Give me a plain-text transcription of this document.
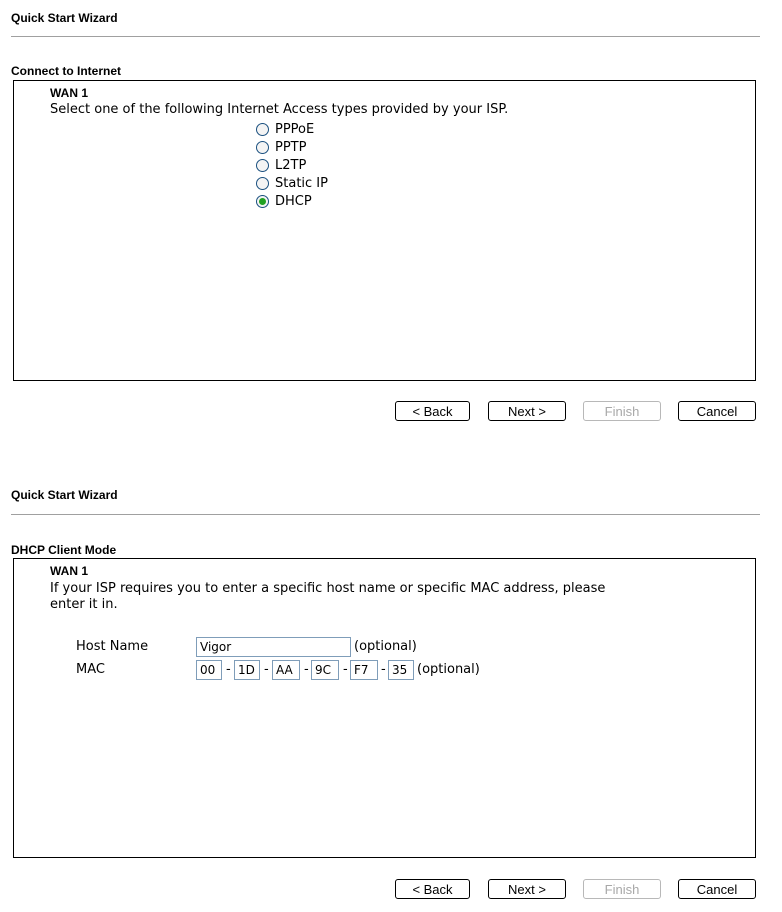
Quick Start Wizard
Connect to Internet
WAN 1
Select one of the following Internet Access types provided by your ISP.
PPPoE
PPTP
L2TP
Static IP
DHCP
< Back	Next >	Finish	Cancel
Quick Start Wizard
DHCP Client Mode
WAN 1
If your ISP requires you to enter a specific host name or specific MAC address, please
enter it in.
Host Name
Vigor	(optional)
MAC
00	-
1D	-
AA	-
9C	-
F7	-
35 (optional)
< Back	Next >	Finish	Cancel
